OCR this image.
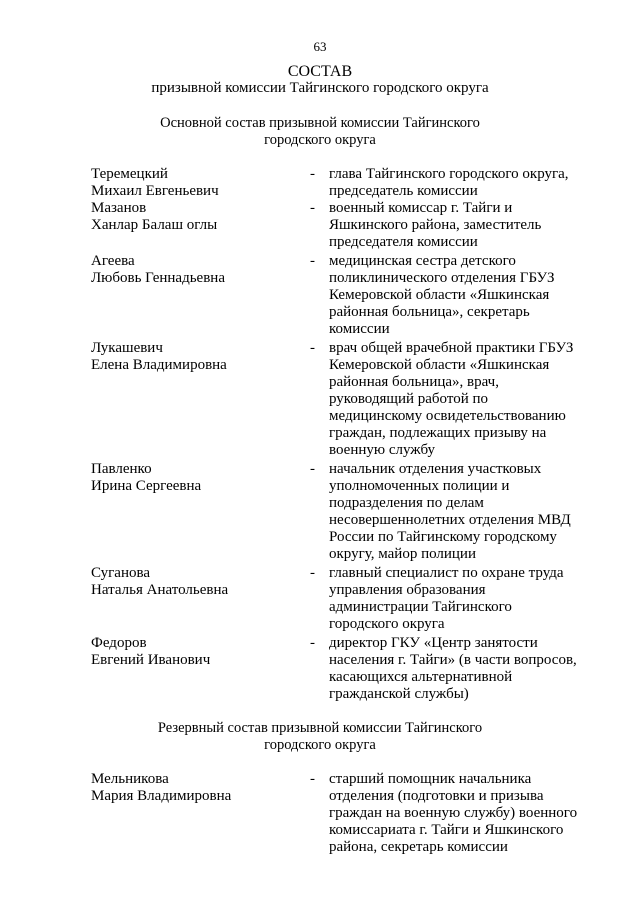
63
СОСТАВ
призывной комиссии Тайгинского городского округа
Основной состав призывной комиссии Тайгинского
городского округа
Теремецкий
Михаил Евгеньевич
- глава Тайгинского городского округа,
председатель комиссии
Мазанов
Ханлар Балаш оглы
- военный комиссар г. Тайги и
Яшкинского района, заместитель
председателя комиссии
Агеева
Любовь Геннадьевна
- медицинская сестра детского
поликлинического отделения ГБУЗ
Кемеровской области «Яшкинская
районная больница», секретарь
комиссии
Лукашевич
Елена Владимировна
- врач общей врачебной практики ГБУЗ
Кемеровской области «Яшкинская
районная больница», врач,
руководящий работой по
медицинскому освидетельствованию
граждан, подлежащих призыву на
военную службу
Павленко
Ирина Сергеевна
- начальник отделения участковых
уполномоченных полиции и
подразделения по делам
несовершеннолетних отделения МВД
России по Тайгинскому городскому
округу, майор полиции
Суганова
Наталья Анатольевна
- главный специалист по охране труда
управления образования
администрации Тайгинского
городского округа
Федоров
Евгений Иванович
- директор ГКУ «Центр занятости
населения г. Тайги» (в части вопросов,
касающихся альтернативной
гражданской службы)
Резервный состав призывной комиссии Тайгинского
городского округа
Мельникова
Мария Владимировна
- старший помощник начальника
отделения (подготовки и призыва
граждан на военную службу) военного
комиссариата г. Тайги и Яшкинского
района, секретарь комиссии
